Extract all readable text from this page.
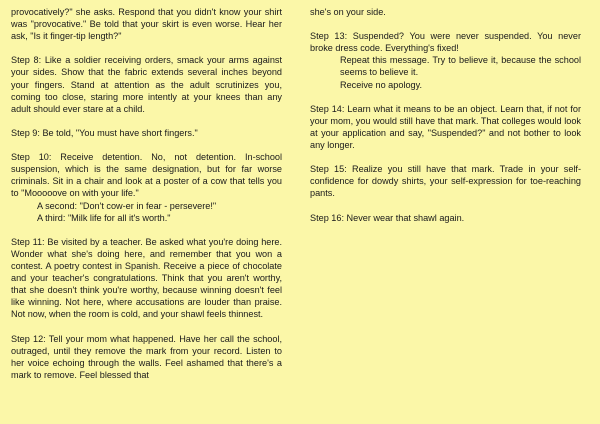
provocatively?" she asks. Respond that you didn't know your shirt was "provocative." Be told that your skirt is even worse. Hear her ask, "Is it finger-tip length?"

Step 8: Like a soldier receiving orders, smack your arms against your sides. Show that the fabric extends several inches beyond your fingers. Stand at attention as the adult scrutinizes you, coming too close, staring more intently at your knees than any adult should ever stare at a child.

Step 9: Be told, "You must have short fingers."

Step 10: Receive detention. No, not detention. In-school suspension, which is the same designation, but for far worse criminals. Sit in a chair and look at a poster of a cow that tells you to "Mooooove on with your life."

A second: "Don't cow-er in fear - persevere!"

A third: "Milk life for all it's worth."

Step 11: Be visited by a teacher. Be asked what you're doing here. Wonder what she's doing here, and remember that you won a contest. A poetry contest in Spanish. Receive a piece of chocolate and your teacher's congratulations. Think that you aren't worthy, that she doesn't think you're worthy, because winning doesn't feel like winning. Not here, where accusations are louder than praise. Not now, when the room is cold, and your shawl feels thinnest.

Step 12: Tell your mom what happened. Have her call the school, outraged, until they remove the mark from your record. Listen to her voice echoing through the walls. Feel ashamed that there's a mark to remove. Feel blessed that

she's on your side.

Step 13: Suspended? You were never suspended. You never broke dress code. Everything's fixed!

Repeat this message. Try to believe it, because the school seems to believe it.

Receive no apology.

Step 14: Learn what it means to be an object. Learn that, if not for your mom, you would still have that mark. That colleges would look at your application and say, "Suspended?" and not bother to look any longer.

Step 15: Realize you still have that mark. Trade in your self-confidence for dowdy shirts, your self-expression for toe-reaching pants.

Step 16: Never wear that shawl again.
